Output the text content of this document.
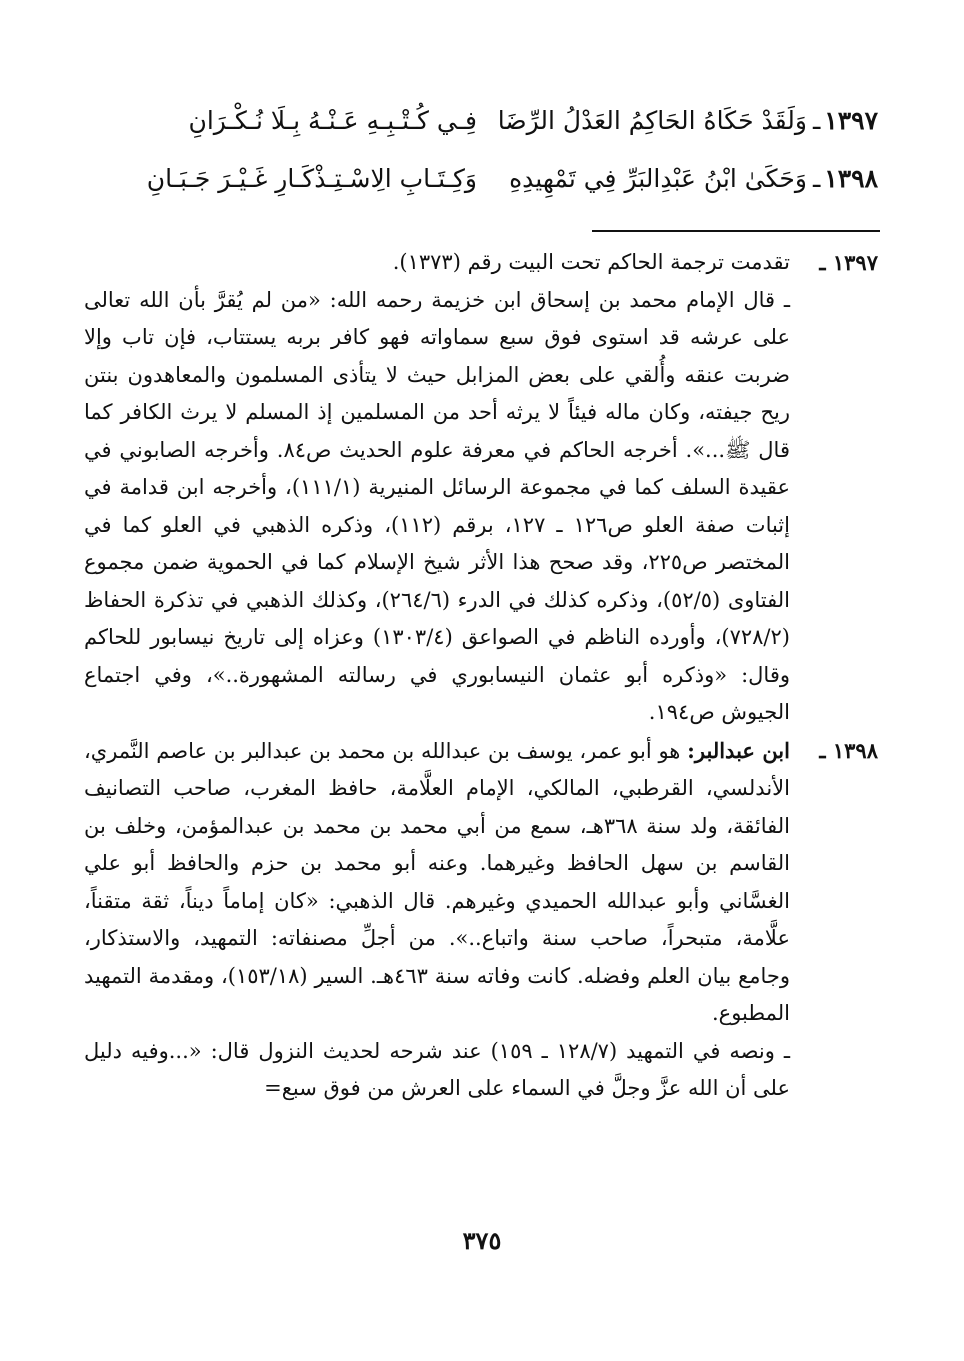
١٣٩٧
ـ
وَلَقَدْ حَكَاهُ الحَاكِمُ العَدْلُ الرِّضَا
فِـي كُـتْـبِـهِ عَـنْـهُ بِـلَا نُـكْـرَانِ
١٣٩٨
ـ
وَحَكَىٰ ابْنُ عَبْدِالبَرِّ فِي تَمْهِيدِهِ
وَكِـتَـابِ الِاسْـتِـذْكَـارِ غَـيْـرَ جَـبَـانِ
١٣٩٧ ـ

تقدمت ترجمة الحاكم تحت البيت رقم (١٣٧٣).

ـ قال الإمام محمد بن إسحاق ابن خزيمة رحمه الله: «من لم يُقرَّ بأن الله تعالى على عرشه قد استوى فوق سبع سماواته فهو كافر بربه يستتاب، فإن تاب وإلا ضربت عنقه وأُلقي على بعض المزابل حيث لا يتأذى المسلمون والمعاهدون بنتن ريح جيفته، وكان ماله فيئاً لا يرثه أحد من المسلمين إذ المسلم لا يرث الكافر كما قال ﷺ...». أخرجه الحاكم في معرفة علوم الحديث ص٨٤. وأخرجه الصابوني في عقيدة السلف كما في مجموعة الرسائل المنيرية (١١١/١)، وأخرجه ابن قدامة في إثبات صفة العلو ص١٢٦ ـ ١٢٧، برقم (١١٢)، وذكره الذهبي في العلو كما في المختصر ص٢٢٥، وقد صحح هذا الأثر شيخ الإسلام كما في الحموية ضمن مجموع الفتاوى (٥٢/٥)، وذكره كذلك في الدرء (٢٦٤/٦)، وكذلك الذهبي في تذكرة الحفاظ (٧٢٨/٢)، وأورده الناظم في الصواعق (١٣٠٣/٤) وعزاه إلى تاريخ نيسابور للحاكم وقال: «وذكره أبو عثمان النيسابوري في رسالته المشهورة..»، وفي اجتماع الجيوش ص١٩٤.

١٣٩٨ ـ

ابن عبدالبر: هو أبو عمر، يوسف بن عبدالله بن محمد بن عبدالبر بن عاصم النَّمري، الأندلسي، القرطبي، المالكي، الإمام العلَّامة، حافظ المغرب، صاحب التصانيف الفائقة، ولد سنة ٣٦٨هـ، سمع من أبي محمد بن محمد بن عبدالمؤمن، وخلف بن القاسم بن سهل الحافظ وغيرهما. وعنه أبو محمد بن حزم والحافظ أبو علي الغسَّاني وأبو عبدالله الحميدي وغيرهم. قال الذهبي: «كان إماماً ديناً، ثقة متقناً، علَّامة، متبحراً، صاحب سنة واتباع..». من أجلِّ مصنفاته: التمهيد، والاستذكار، وجامع بيان العلم وفضله. كانت وفاته سنة ٤٦٣هـ. السير (١٥٣/١٨)، ومقدمة التمهيد المطبوع.

ـ ونصه في التمهيد (١٢٨/٧ ـ ١٥٩) عند شرحه لحديث النزول قال: «...وفيه دليل على أن الله عزَّ وجلَّ في السماء على العرش من فوق سبع=

٣٧٥
